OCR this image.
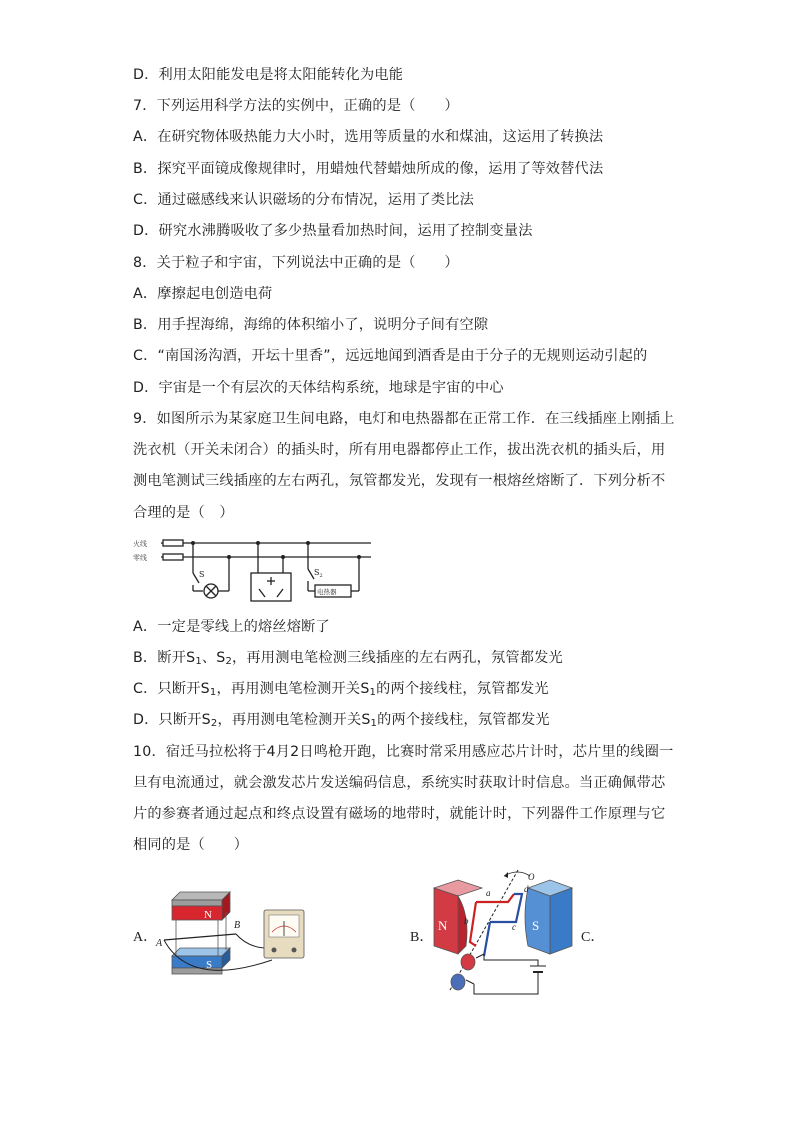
D．利用太阳能发电是将太阳能转化为电能
7．下列运用科学方法的实例中，正确的是（　　）
A．在研究物体吸热能力大小时，选用等质量的水和煤油，这运用了转换法
B．探究平面镜成像规律时，用蜡烛代替蜡烛所成的像，运用了等效替代法
C．通过磁感线来认识磁场的分布情况，运用了类比法
D．研究水沸腾吸收了多少热量看加热时间，运用了控制变量法
8．关于粒子和宇宙，下列说法中正确的是（　　）
A．摩擦起电创造电荷
B．用手捏海绵，海绵的体积缩小了，说明分子间有空隙
C．“南国汤沟酒，开坛十里香”，远远地闻到酒香是由于分子的无规则运动引起的
D．宇宙是一个有层次的天体结构系统，地球是宇宙的中心
9．如图所示为某家庭卫生间电路，电灯和电热器都在正常工作．在三线插座上刚插上
洗衣机（开关未闭合）的插头时，所有用电器都停止工作，拔出洗衣机的插头后，用
测电笔测试三线插座的左右两孔，氖管都发光，发现有一根熔丝熔断了．下列分析不
合理的是（　）
火线
零线
S	$S_2$
电热器
A．一定是零线上的熔丝熔断了
B．断开$S_1$、$S_2$，再用测电笔检测三线插座的左右两孔，氖管都发光
C．只断开$S_1$，再用测电笔检测开关$S_1$的两个接线柱，氖管都发光
D．只断开$S_2$，再用测电笔检测开关$S_1$的两个接线柱，氖管都发光
10．宿迁马拉松将于4月2日鸣枪开跑，比赛时常采用感应芯片计时，芯片里的线圈一
旦有电流通过，就会激发芯片发送编码信息，系统实时获取计时信息。当正确佩带芯
片的参赛者通过起点和终点设置有磁场的地带时，就能计时，下列器件工作原理与它
相同的是（　　）
A．	B．	C．
N
S
A
B	N	S
O
a
b
c
d
